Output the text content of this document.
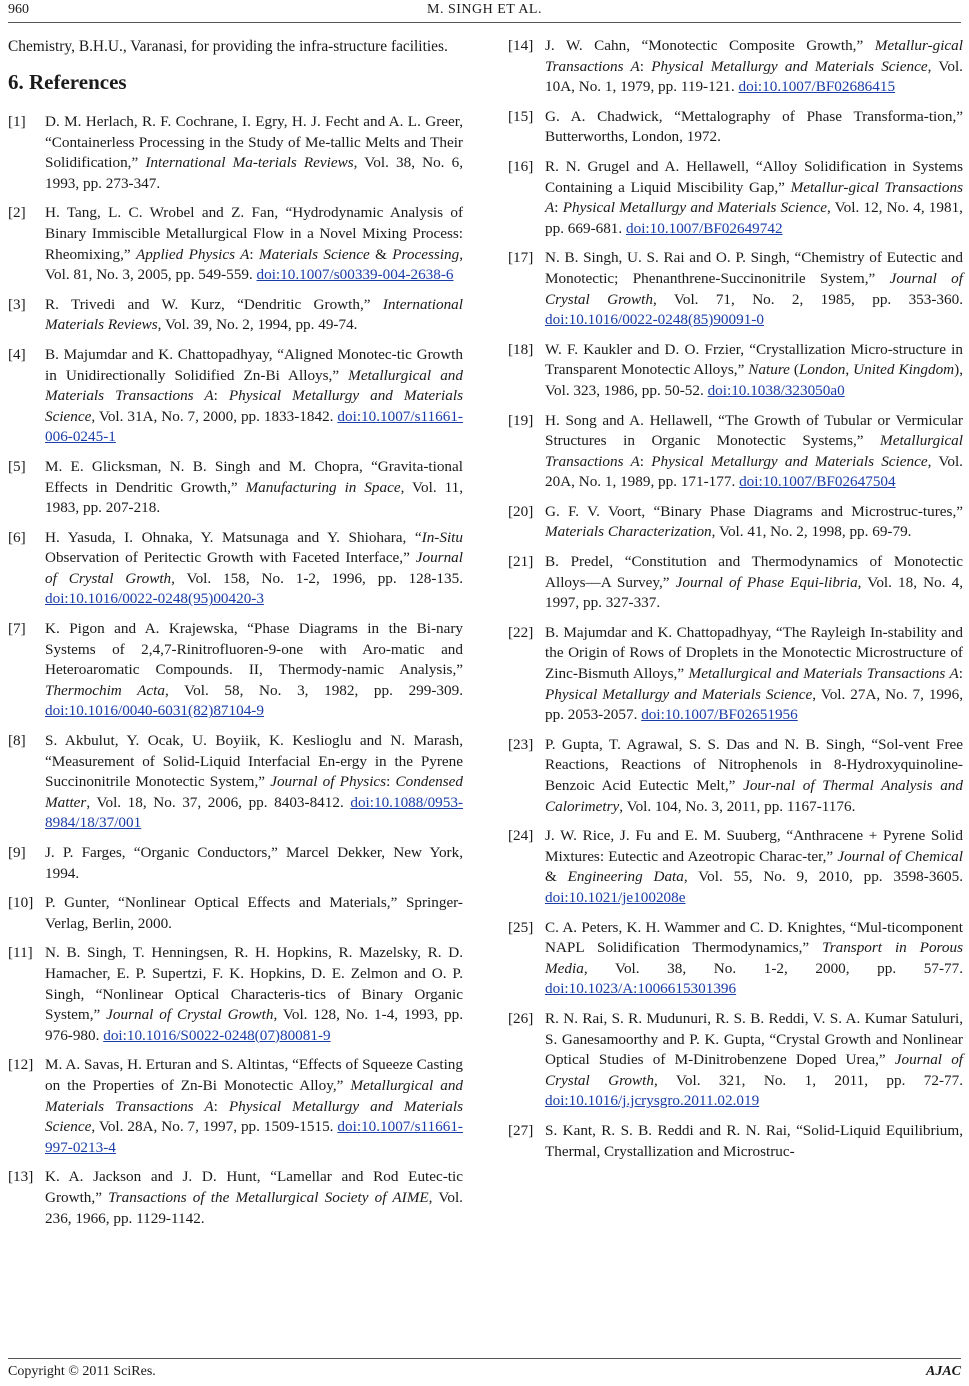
960	M. SINGH ET AL.

Chemistry, B.H.U., Varanasi, for providing the infra-structure facilities.

6. References
[1] D. M. Herlach, R. F. Cochrane, I. Egry, H. J. Fecht and A. L. Greer, “Containerless Processing in the Study of Me-tallic Melts and Their Solidification,” International Ma-terials Reviews, Vol. 38, No. 6, 1993, pp. 273-347.
[2] H. Tang, L. C. Wrobel and Z. Fan, “Hydrodynamic Analysis of Binary Immiscible Metallurgical Flow in a Novel Mixing Process: Rheomixing,” Applied Physics A: Materials Science & Processing, Vol. 81, No. 3, 2005, pp. 549-559. doi:10.1007/s00339-004-2638-6
[3] R. Trivedi and W. Kurz, “Dendritic Growth,” International Materials Reviews, Vol. 39, No. 2, 1994, pp. 49-74.
[4] B. Majumdar and K. Chattopadhyay, “Aligned Monotec-tic Growth in Unidirectionally Solidified Zn-Bi Alloys,” Metallurgical and Materials Transactions A: Physical Metallurgy and Materials Science, Vol. 31A, No. 7, 2000, pp. 1833-1842. doi:10.1007/s11661-006-0245-1
[5] M. E. Glicksman, N. B. Singh and M. Chopra, “Gravita-tional Effects in Dendritic Growth,” Manufacturing in Space, Vol. 11, 1983, pp. 207-218.
[6] H. Yasuda, I. Ohnaka, Y. Matsunaga and Y. Shiohara, “In-Situ Observation of Peritectic Growth with Faceted Interface,” Journal of Crystal Growth, Vol. 158, No. 1-2, 1996, pp. 128-135. doi:10.1016/0022-0248(95)00420-3
[7] K. Pigon and A. Krajewska, “Phase Diagrams in the Bi-nary Systems of 2,4,7-Rinitrofluoren-9-one with Aro-matic and Heteroaromatic Compounds. II, Thermody-namic Analysis,” Thermochim Acta, Vol. 58, No. 3, 1982, pp. 299-309. doi:10.1016/0040-6031(82)87104-9
[8] S. Akbulut, Y. Ocak, U. Boyiik, K. Keslioglu and N. Marash, “Measurement of Solid-Liquid Interfacial En-ergy in the Pyrene Succinonitrile Monotectic System,” Journal of Physics: Condensed Matter, Vol. 18, No. 37, 2006, pp. 8403-8412. doi:10.1088/0953-8984/18/37/001
[9] J. P. Farges, “Organic Conductors,” Marcel Dekker, New York, 1994.
[10] P. Gunter, “Nonlinear Optical Effects and Materials,” Springer-Verlag, Berlin, 2000.
[11] N. B. Singh, T. Henningsen, R. H. Hopkins, R. Mazelsky, R. D. Hamacher, E. P. Supertzi, F. K. Hopkins, D. E. Zelmon and O. P. Singh, “Nonlinear Optical Characteris-tics of Binary Organic System,” Journal of Crystal Growth, Vol. 128, No. 1-4, 1993, pp. 976-980. doi:10.1016/S0022-0248(07)80081-9
[12] M. A. Savas, H. Erturan and S. Altintas, “Effects of Squeeze Casting on the Properties of Zn-Bi Monotectic Alloy,” Metallurgical and Materials Transactions A: Physical Metallurgy and Materials Science, Vol. 28A, No. 7, 1997, pp. 1509-1515. doi:10.1007/s11661-997-0213-4
[13] K. A. Jackson and J. D. Hunt, “Lamellar and Rod Eutec-tic Growth,” Transactions of the Metallurgical Society of AIME, Vol. 236, 1966, pp. 1129-1142.
[14] J. W. Cahn, “Monotectic Composite Growth,” Metallur-gical Transactions A: Physical Metallurgy and Materials Science, Vol. 10A, No. 1, 1979, pp. 119-121. doi:10.1007/BF02686415
[15] G. A. Chadwick, “Mettalography of Phase Transforma-tion,” Butterworths, London, 1972.
[16] R. N. Grugel and A. Hellawell, “Alloy Solidification in Systems Containing a Liquid Miscibility Gap,” Metallur-gical Transactions A: Physical Metallurgy and Materials Science, Vol. 12, No. 4, 1981, pp. 669-681. doi:10.1007/BF02649742
[17] N. B. Singh, U. S. Rai and O. P. Singh, “Chemistry of Eutectic and Monotectic; Phenanthrene-Succinonitrile System,” Journal of Crystal Growth, Vol. 71, No. 2, 1985, pp. 353-360. doi:10.1016/0022-0248(85)90091-0
[18] W. F. Kaukler and D. O. Frzier, “Crystallization Micro-structure in Transparent Monotectic Alloys,” Nature (London, United Kingdom), Vol. 323, 1986, pp. 50-52. doi:10.1038/323050a0
[19] H. Song and A. Hellawell, “The Growth of Tubular or Vermicular Structures in Organic Monotectic Systems,” Metallurgical Transactions A: Physical Metallurgy and Materials Science, Vol. 20A, No. 1, 1989, pp. 171-177. doi:10.1007/BF02647504
[20] G. F. V. Voort, “Binary Phase Diagrams and Microstruc-tures,” Materials Characterization, Vol. 41, No. 2, 1998, pp. 69-79.
[21] B. Predel, “Constitution and Thermodynamics of Monotectic Alloys―A Survey,” Journal of Phase Equi-libria, Vol. 18, No. 4, 1997, pp. 327-337.
[22] B. Majumdar and K. Chattopadhyay, “The Rayleigh In-stability and the Origin of Rows of Droplets in the Monotectic Microstructure of Zinc-Bismuth Alloys,” Metallurgical and Materials Transactions A: Physical Metallurgy and Materials Science, Vol. 27A, No. 7, 1996, pp. 2053-2057. doi:10.1007/BF02651956
[23] P. Gupta, T. Agrawal, S. S. Das and N. B. Singh, “Sol-vent Free Reactions, Reactions of Nitrophenols in 8-Hydroxyquinoline-Benzoic Acid Eutectic Melt,” Jour-nal of Thermal Analysis and Calorimetry, Vol. 104, No. 3, 2011, pp. 1167-1176.
[24] J. W. Rice, J. Fu and E. M. Suuberg, “Anthracene + Pyrene Solid Mixtures: Eutectic and Azeotropic Charac-ter,” Journal of Chemical & Engineering Data, Vol. 55, No. 9, 2010, pp. 3598-3605. doi:10.1021/je100208e
[25] C. A. Peters, K. H. Wammer and C. D. Knightes, “Mul-ticomponent NAPL Solidification Thermodynamics,” Transport in Porous Media, Vol. 38, No. 1-2, 2000, pp. 57-77. doi:10.1023/A:1006615301396
[26] R. N. Rai, S. R. Mudunuri, R. S. B. Reddi, V. S. A. Kumar Satuluri, S. Ganesamoorthy and P. K. Gupta, “Crystal Growth and Nonlinear Optical Studies of M-Dinitrobenzene Doped Urea,” Journal of Crystal Growth, Vol. 321, No. 1, 2011, pp. 72-77. doi:10.1016/j.jcrysgro.2011.02.019
[27] S. Kant, R. S. B. Reddi and R. N. Rai, “Solid-Liquid Equilibrium, Thermal, Crystallization and Microstruc-
Copyright © 2011 SciRes.	AJAC
